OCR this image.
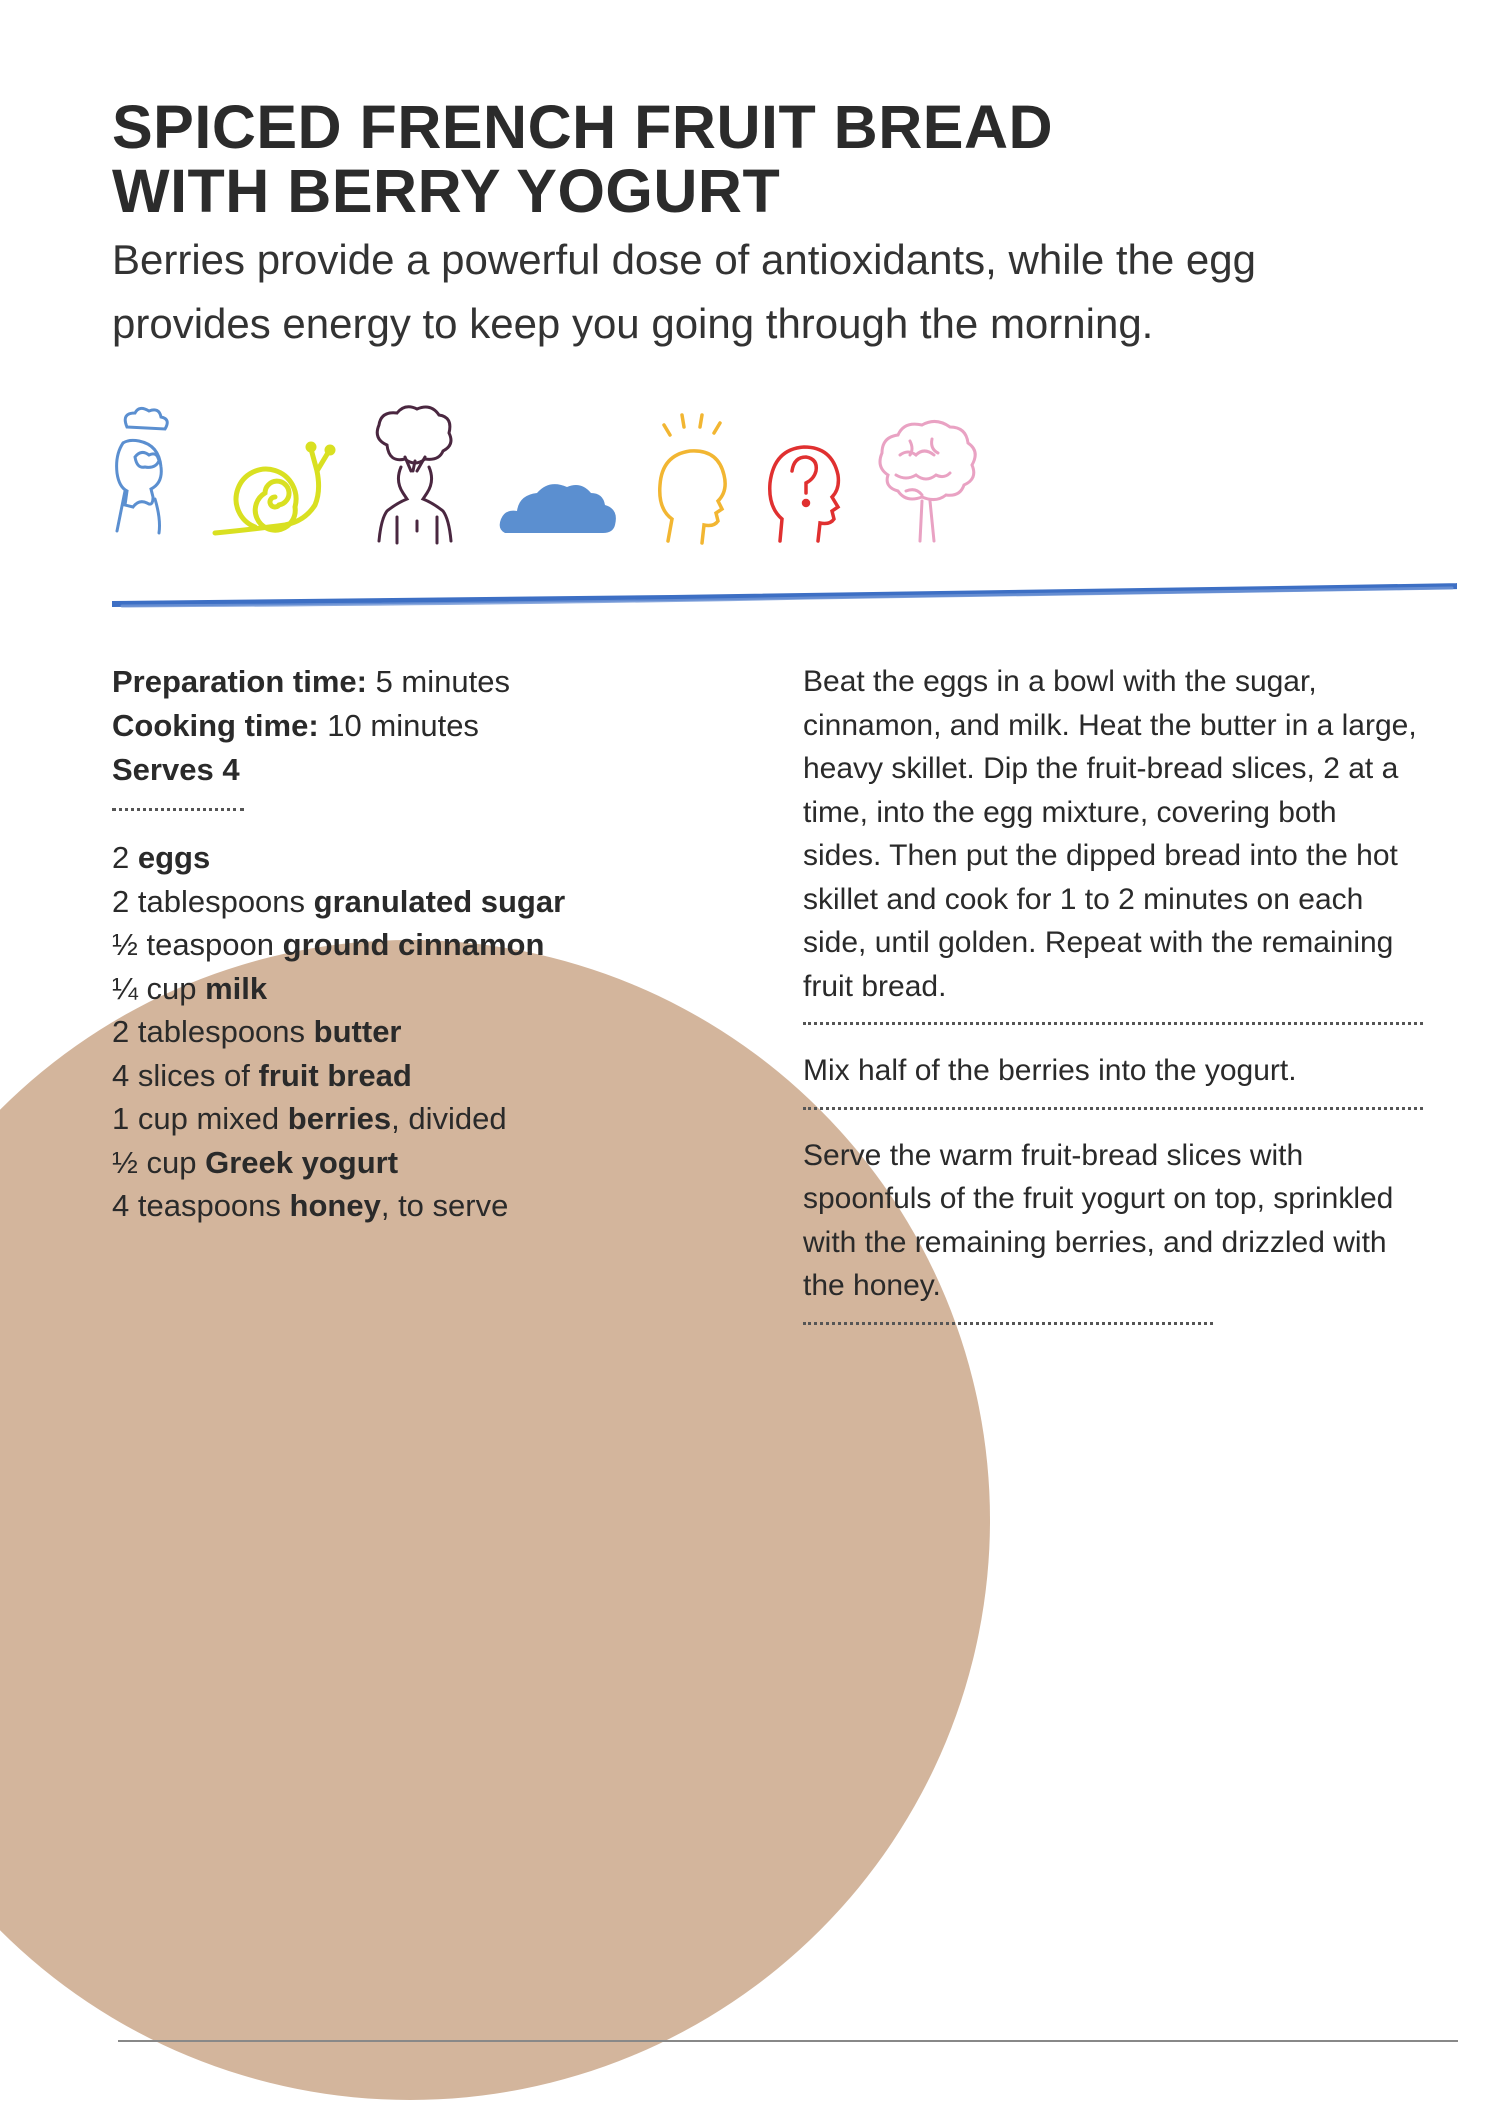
SPICED FRENCH FRUIT BREAD
WITH BERRY YOGURT

Berries provide a powerful dose of antioxidants, while the egg
provides energy to keep you going through the morning.

Preparation time: 5 minutes
Cooking time: 10 minutes
Serves 4
2 eggs
2 tablespoons granulated sugar
½ teaspoon ground cinnamon
¼ cup milk
2 tablespoons butter
4 slices of fruit bread
1 cup mixed berries, divided
½ cup Greek yogurt
4 teaspoons honey, to serve

Beat the eggs in a bowl with the sugar, cinnamon, and milk. Heat the butter in a large, heavy skillet. Dip the fruit-bread slices, 2 at a time, into the egg mixture, covering both sides. Then put the dipped bread into the hot skillet and cook for 1 to 2 minutes on each side, until golden. Repeat with the remaining fruit bread.

Mix half of the berries into the yogurt.

Serve the warm fruit-bread slices with spoonfuls of the fruit yogurt on top, sprinkled with the remaining berries, and drizzled with the honey.
